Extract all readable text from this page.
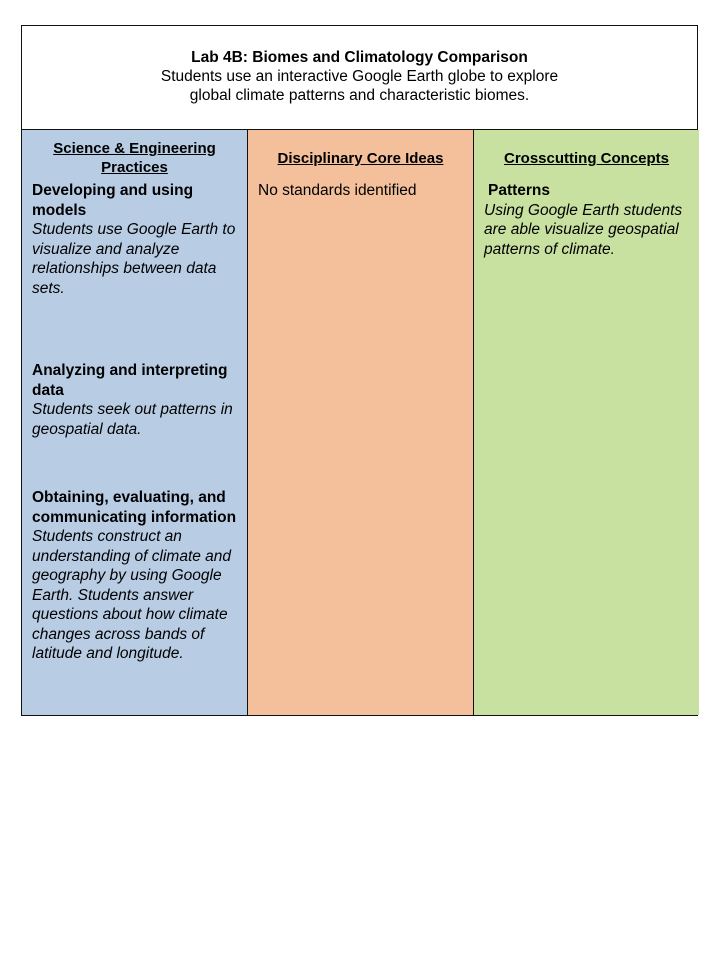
Lab 4B: Biomes and Climatology Comparison
Students use an interactive Google Earth globe to explore
global climate patterns and characteristic biomes.
Science & Engineering Practices
Developing and using models
Students use Google Earth to visualize and analyze relationships between data sets.
Analyzing and interpreting data
Students seek out patterns in geospatial data.
Obtaining, evaluating, and communicating information
Students construct an understanding of climate and geography by using Google Earth. Students answer questions about how climate changes across bands of latitude and longitude.
Disciplinary Core Ideas
No standards identified
Crosscutting Concepts
Patterns
Using Google Earth students are able visualize geospatial patterns of climate.
